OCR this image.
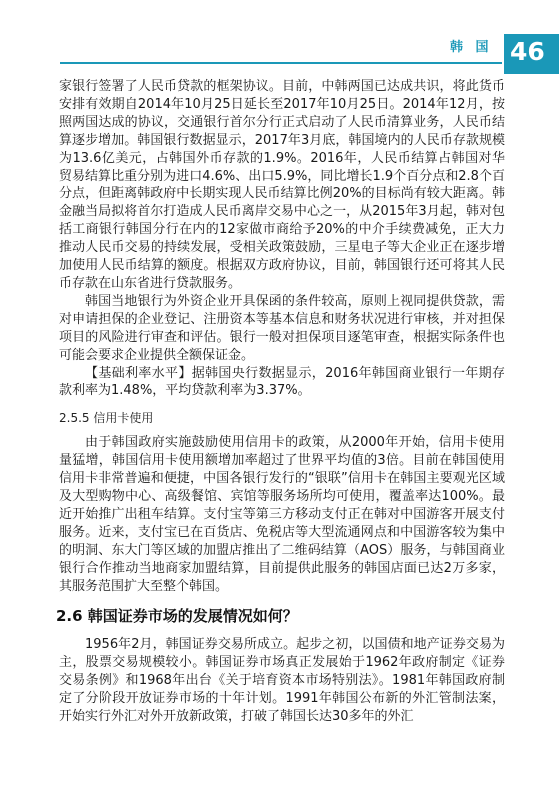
韩 国 46

家银行签署了人民币贷款的框架协议。目前，中韩两国已达成共识，将此货币安排有效期自2014年10月25日延长至2017年10月25日。2014年12月，按照两国达成的协议，交通银行首尔分行正式启动了人民币清算业务，人民币结算逐步增加。韩国银行数据显示，2017年3月底，韩国境内的人民币存款规模为13.6亿美元，占韩国外币存款的1.9%。2016年，人民币结算占韩国对华贸易结算比重分别为进口4.6%、出口5.9%，同比增长1.9个百分点和2.8个百分点，但距离韩政府中长期实现人民币结算比例20%的目标尚有较大距离。韩金融当局拟将首尔打造成人民币离岸交易中心之一，从2015年3月起，韩对包括工商银行韩国分行在内的12家做市商给予20%的中介手续费减免，正大力推动人民币交易的持续发展，受相关政策鼓励，三星电子等大企业正在逐步增加使用人民币结算的额度。根据双方政府协议，目前，韩国银行还可将其人民币存款在山东省进行贷款服务。

韩国当地银行为外资企业开具保函的条件较高，原则上视同提供贷款，需对申请担保的企业登记、注册资本等基本信息和财务状况进行审核，并对担保项目的风险进行审查和评估。银行一般对担保项目逐笔审查，根据实际条件也可能会要求企业提供全额保证金。

【基础利率水平】据韩国央行数据显示，2016年韩国商业银行一年期存款利率为1.48%，平均贷款利率为3.37%。

2.5.5 信用卡使用

由于韩国政府实施鼓励使用信用卡的政策，从2000年开始，信用卡使用量猛增，韩国信用卡使用额增加率超过了世界平均值的3倍。目前在韩国使用信用卡非常普遍和便捷，中国各银行发行的“银联”信用卡在韩国主要观光区域及大型购物中心、高级餐馆、宾馆等服务场所均可使用，覆盖率达100%。最近开始推广出租车结算。支付宝等第三方移动支付正在韩对中国游客开展支付服务。近来，支付宝已在百货店、免税店等大型流通网点和中国游客较为集中的明洞、东大门等区域的加盟店推出了二维码结算（AOS）服务，与韩国商业银行合作推动当地商家加盟结算，目前提供此服务的韩国店面已达2万多家，其服务范围扩大至整个韩国。

2.6 韩国证券市场的发展情况如何？

1956年2月，韩国证券交易所成立。起步之初，以国债和地产证券交易为主，股票交易规模较小。韩国证券市场真正发展始于1962年政府制定《证券交易条例》和1968年出台《关于培育资本市场特别法》。1981年韩国政府制定了分阶段开放证券市场的十年计划。1991年韩国公布新的外汇管制法案，开始实行外汇对外开放新政策，打破了韩国长达30多年的外汇
